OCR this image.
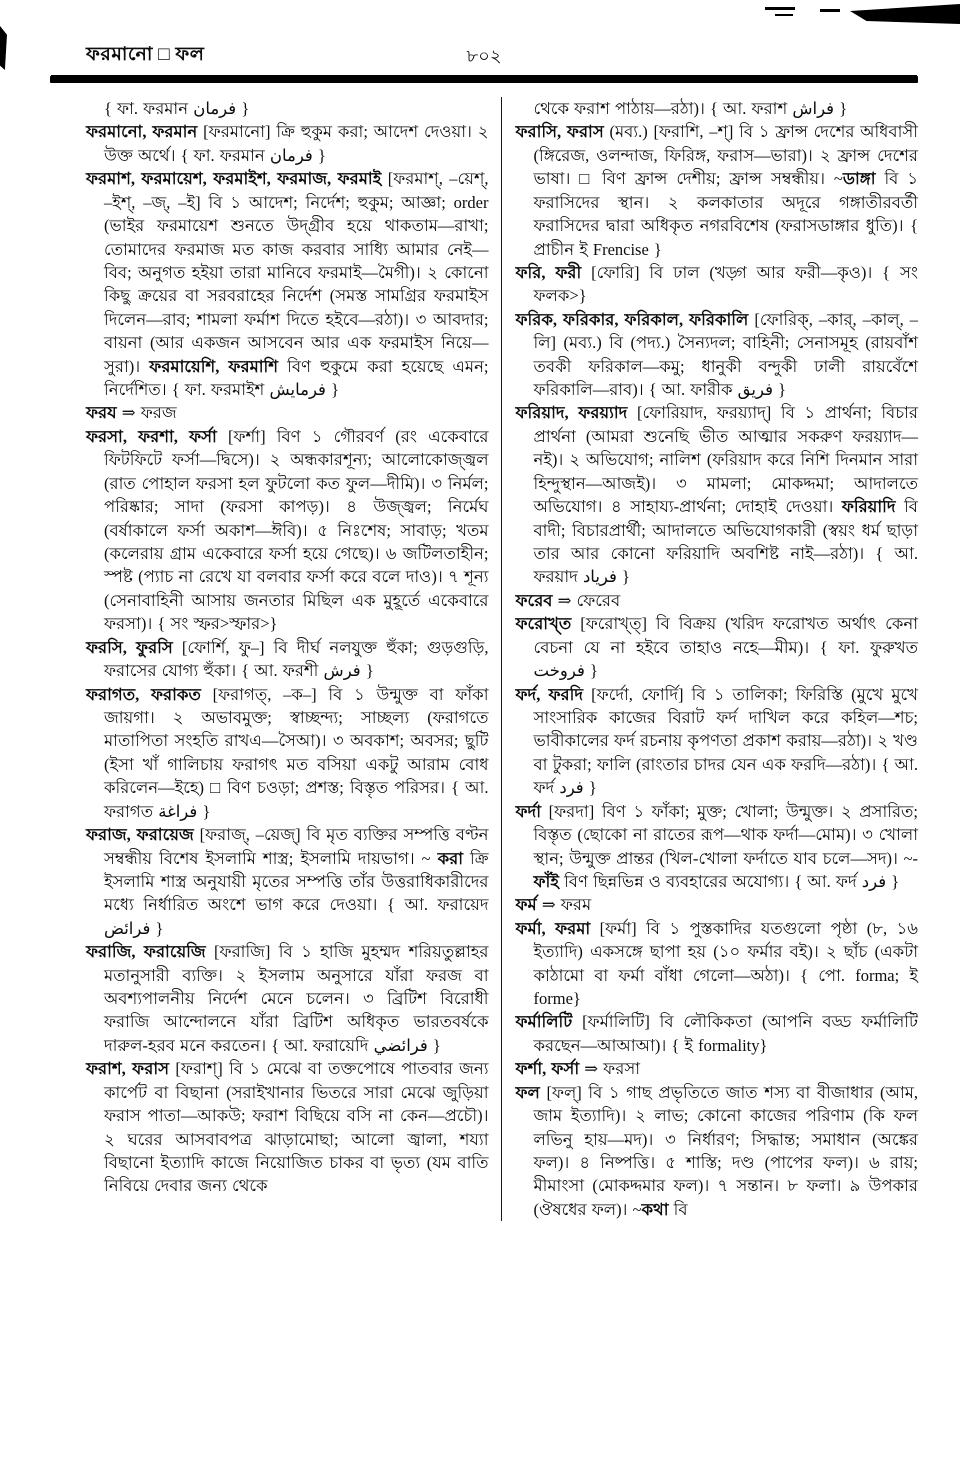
ফরমানো □ ফল	৮০২

{ ফা. ফরমান فرمان }

ফরমানো, ফরমান [ফরমানো] ক্রি হুকুম করা; আদেশ দেওয়া। ২ উক্ত অর্থে। { ফা. ফরমান فرمان }

ফরমাশ, ফরমায়েশ, ফরমাইশ, ফরমাজ, ফরমাই [ফরমাশ্, –য়েশ্, –ইশ্, –জ্, –ই] বি ১ আদেশ; নির্দেশ; হুকুম; আজ্ঞা; order (ভাইর ফরমায়েশ শুনতে উদ্‌গ্রীব হয়ে থাকতাম—রাখা; তোমাদের ফরমাজ মত কাজ করবার সাধ্যি আমার নেই—বিব; অনুগত হইয়া তারা মানিবে ফরমাই—মৈগী)। ২ কোনো কিছু ক্রয়ের বা সরবরাহের নির্দেশ (সমস্ত সামগ্রির ফরমাইস দিলেন—রাব; শামলা ফর্মাশ দিতে হইবে—রঠা)। ৩ আবদার; বায়না (আর একজন আসবেন আর এক ফরমাইস নিয়ে—সুরা)। ফরমায়েশি, ফরমাশি বিণ হুকুমে করা হয়েছে এমন; নির্দেশিত। { ফা. ফরমাইশ فرمايش }

ফরয ⇒ ফরজ

ফরসা, ফরশা, ফর্সা [ফর্শা] বিণ ১ গৌরবর্ণ (রং একেবারে ফিটফিটে ফর্সা—দ্বিসে)। ২ অন্ধকারশূন্য; আলোকোজ্জ্বল (রাত পোহাল ফরসা হল ফুটলো কত ফুল—দীমি)। ৩ নির্মল; পরিষ্কার; সাদা (ফরসা কাপড়)। ৪ উজ্জ্বল; নির্মেঘ (বর্ষাকালে ফর্সা অকাশ—ঈবি)। ৫ নিঃশেষ; সাবাড়; খতম (কলেরায় গ্রাম একেবারে ফর্সা হয়ে গেছে)। ৬ জটিলতাহীন; স্পষ্ট (প্যাচ না রেখে যা বলবার ফর্সা করে বলে দাও)। ৭ শূন্য (সেনাবাহিনী আসায় জনতার মিছিল এক মুহূর্তে একেবারে ফরসা)। { সং স্ফর>স্ফার>}

ফরসি, ফুরসি [ফোর্শি, ফু–] বি দীর্ঘ নলযুক্ত হুঁকা; গুড়গুড়ি, ফরাসের যোগ্য হুঁকা। { আ. ফরশী فرش }

ফরাগত, ফরাকত [ফরাগত্, –ক–] বি ১ উন্মুক্ত বা ফাঁকা জায়গা। ২ অভাবমুক্ত; স্বাচ্ছন্দ্য; সাচ্ছল্য (ফরাগতে মাতাপিতা সংহতি রাখএ—সৈআ)। ৩ অবকাশ; অবসর; ছুটি (ইসা খাঁ গালিচায় ফরাগৎ মত বসিয়া একটু আরাম বোধ করিলেন—ইহে) □ বিণ চওড়া; প্রশস্ত; বিস্তৃত পরিসর। { আ. ফরাগত فراغة }

ফরাজ, ফরায়েজ [ফরাজ্, –য়েজ্] বি মৃত ব্যক্তির সম্পত্তি বণ্টন সম্বন্ধীয় বিশেষ ইসলামি শাস্ত্র; ইসলামি দায়ভাগ। ~ করা ক্রি ইসলামি শাস্ত্র অনুযায়ী মৃতের সম্পত্তি তাঁর উত্তরাধিকারীদের মধ্যে নির্ধারিত অংশে ভাগ করে দেওয়া। { আ. ফরায়েদ فرائض }

ফরাজি, ফরায়েজি [ফরাজি] বি ১ হাজি মুহম্মদ শরিয়তুল্লাহর মতানুসারী ব্যক্তি। ২ ইসলাম অনুসারে যাঁরা ফরজ বা অবশ্যপালনীয় নির্দেশ মেনে চলেন। ৩ ব্রিটিশ বিরোধী ফরাজি আন্দোলনে যাঁরা ব্রিটিশ অধিকৃত ভারতবর্ষকে দারুল-হরব মনে করতেন। { আ. ফরায়েদি فرائضي }

ফরাশ, ফরাস [ফরাশ্] বি ১ মেঝে বা তক্তপোষে পাতবার জন্য কার্পেট বা বিছানা (সরাইখানার ভিতরে সারা মেঝে জুড়িয়া ফরাস পাতা—আকউ; ফরাশ বিছিয়ে বসি না কেন—প্রচৌ)। ২ ঘরের আসবাবপত্র ঝাড়ামোছা; আলো জ্বালা, শয্যা বিছানো ইত্যাদি কাজে নিয়োজিত চাকর বা ভৃত্য (যম বাতি নিবিয়ে দেবার জন্য থেকে

থেকে ফরাশ পাঠায়—রঠা)। { আ. ফরাশ فراش }

ফরাসি, ফরাস (মব্য.) [ফরাশি, –শ্] বি ১ ফ্রান্স দেশের অধিবাসী (ঙ্গিরেজ, ওলন্দাজ, ফিরিঙ্গ, ফরাস—ভারা)। ২ ফ্রান্স দেশের ভাষা। □ বিণ ফ্রান্স দেশীয়; ফ্রান্স সম্বন্ধীয়। ~ডাঙ্গা বি ১ ফরাসিদের স্থান। ২ কলকাতার অদূরে গঙ্গাতীরবর্তী ফরাসিদের দ্বারা অধিকৃত নগরবিশেষ (ফরাসডাঙ্গার ধুতি)। { প্রাচীন ই Frencise }

ফরি, ফরী [ফোরি] বি ঢাল (খড়্গ আর ফরী—কৃও)। { সং ফলক>}

ফরিক, ফরিকার, ফরিকাল, ফরিকালি [ফোরিক্, –কার্, –কাল্, –লি] (মব্য.) বি (পদ্য.) সৈন্যদল; বাহিনী; সেনাসমূহ (রায়বাঁশ তবকী ফরিকাল—কমু; ধানুকী বন্দুকী ঢালী রায়বেঁশে ফরিকালি—রাব)। { আ. ফারীক فريق }

ফরিয়াদ, ফরয়্যাদ [ফোরিয়াদ, ফরয়্যাদ্] বি ১ প্রার্থনা; বিচার প্রার্থনা (আমরা শুনেছি ভীত আত্মার সকরুণ ফরয়্যাদ—নই)। ২ অভিযোগ; নালিশ (ফরিয়াদ করে নিশি দিনমান সারা হিন্দুস্থান—আজই)। ৩ মামলা; মোকদ্দমা; আদালতে অভিযোগ। ৪ সাহায্য-প্রার্থনা; দোহাই দেওয়া। ফরিয়াদি বি বাদী; বিচারপ্রার্থী; আদালতে অভিযোগকারী (স্বয়ং ধর্ম ছাড়া তার আর কোনো ফরিয়াদি অবশিষ্ট নাই—রঠা)। { আ. ফরয়াদ فرياد }

ফরেব ⇒ ফেরেব

ফরোখ্ত [ফরোখ্ত্] বি বিক্রয় (খরিদ ফরোখত অর্থাৎ কেনা বেচনা যে না হইবে তাহাও নহে—মীম)। { ফা. ফুরুখত فروخت }

ফর্দ, ফরদি [ফর্দো, ফোর্দি] বি ১ তালিকা; ফিরিস্তি (মুখে মুখে সাংসারিক কাজের বিরাট ফর্দ দাখিল করে কহিল—শচ; ভাবীকালের ফর্দ রচনায় কৃপণতা প্রকাশ করায়—রঠা)। ২ খণ্ড বা টুকরা; ফালি (রাংতার চাদর যেন এক ফরদি—রঠা)। { আ. ফর্দ فرد }

ফর্দা [ফরদা] বিণ ১ ফাঁকা; মুক্ত; খোলা; উন্মুক্ত। ২ প্রসারিত; বিস্তৃত (ছোকো না রাতের রূপ—থাক ফর্দা—মোম)। ৩ খোলা স্থান; উন্মুক্ত প্রান্তর (খিল-খোলা ফর্দাতে যাব চলে—সদ)। ~-ফাঁই বিণ ছিন্নভিন্ন ও ব্যবহারের অযোগ্য। { আ. ফর্দ فرد }

ফর্ম ⇒ ফরম

ফর্মা, ফরমা [ফর্মা] বি ১ পুস্তকাদির যতগুলো পৃষ্ঠা (৮, ১৬ ইত্যাদি) একসঙ্গে ছাপা হয় (১০ ফর্মার বই)। ২ ছাঁচ (একটা কাঠামো বা ফর্মা বাঁধা গেলো—অঠা)। { পো. forma; ই forme}

ফর্মালিটি [ফর্মালিটি] বি লৌকিকতা (আপনি বড্ড ফর্মালিটি করছেন—আআআ)। { ই formality}

ফর্শা, ফর্সা ⇒ ফরসা

ফল [ফল্] বি ১ গাছ প্রভৃতিতে জাত শস্য বা বীজাধার (আম, জাম ইত্যাদি)। ২ লাভ; কোনো কাজের পরিণাম (কি ফল লভিনু হায়—মদ)। ৩ নির্ধারণ; সিদ্ধান্ত; সমাধান (অঙ্কের ফল)। ৪ নিষ্পত্তি। ৫ শাস্তি; দণ্ড (পাপের ফল)। ৬ রায়; মীমাংসা (মোকদ্দমার ফল)। ৭ সন্তান। ৮ ফলা। ৯ উপকার (ঔষধের ফল)। ~কথা বি
